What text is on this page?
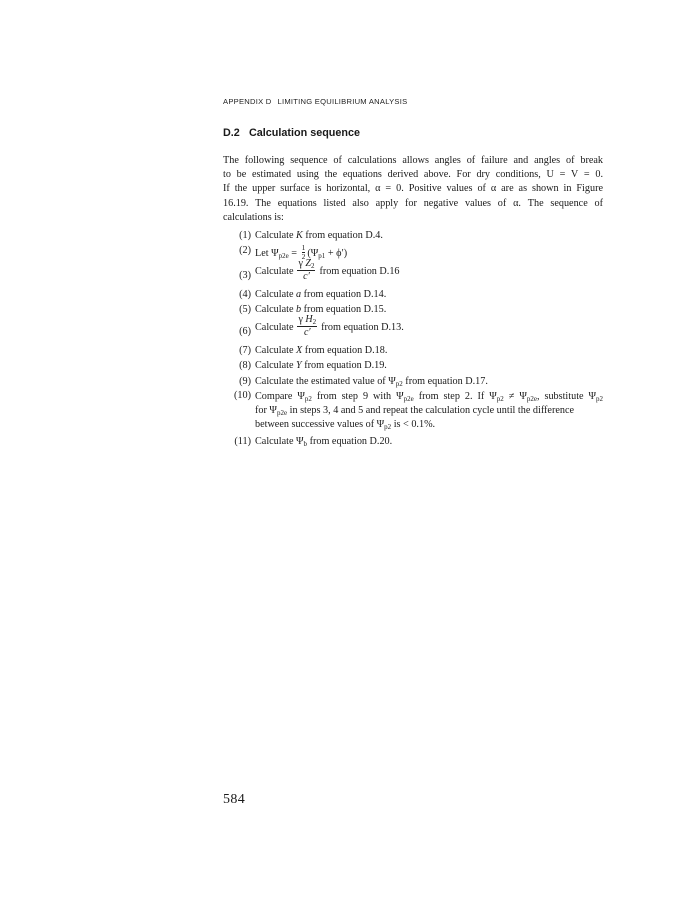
APPENDIX D LIMITING EQUILIBRIUM ANALYSIS
D.2 Calculation sequence
The following sequence of calculations allows angles of failure and angles of break
to be estimated using the equations derived above. For dry conditions, U = V = 0.
If the upper surface is horizontal, α = 0. Positive values of α are as shown in Figure
16.19. The equations listed also apply for negative values of α. The sequence of
calculations is:
(1) Calculate K from equation D.4.
(2) Let $\Psi_{p2e} = \frac{1}{2} (\Psi_{p1} + \phi')$
(3) Calculate $\frac{\gamma Z_2}{c'}$ from equation D.16
(4) Calculate a from equation D.14.
(5) Calculate b from equation D.15.
(6) Calculate $\frac{\gamma H_2}{c'}$ from equation D.13.
(7) Calculate X from equation D.18.
(8) Calculate Y from equation D.19.
(9) Calculate the estimated value of $\Psi_{p2}$ from equation D.17.
(10) Compare $\Psi_{p2}$ from step 9 with $\Psi_{p2e}$ from step 2. If $\Psi_{p2} \ne \Psi_{p2e}$, substitute $\Psi_{p2}$
for $\Psi_{p2e}$ in steps 3, 4 and 5 and repeat the calculation cycle until the difference
between successive values of $\Psi_{p2}$ is < 0.1%.
(11) Calculate $\Psi_b$ from equation D.20.
584
